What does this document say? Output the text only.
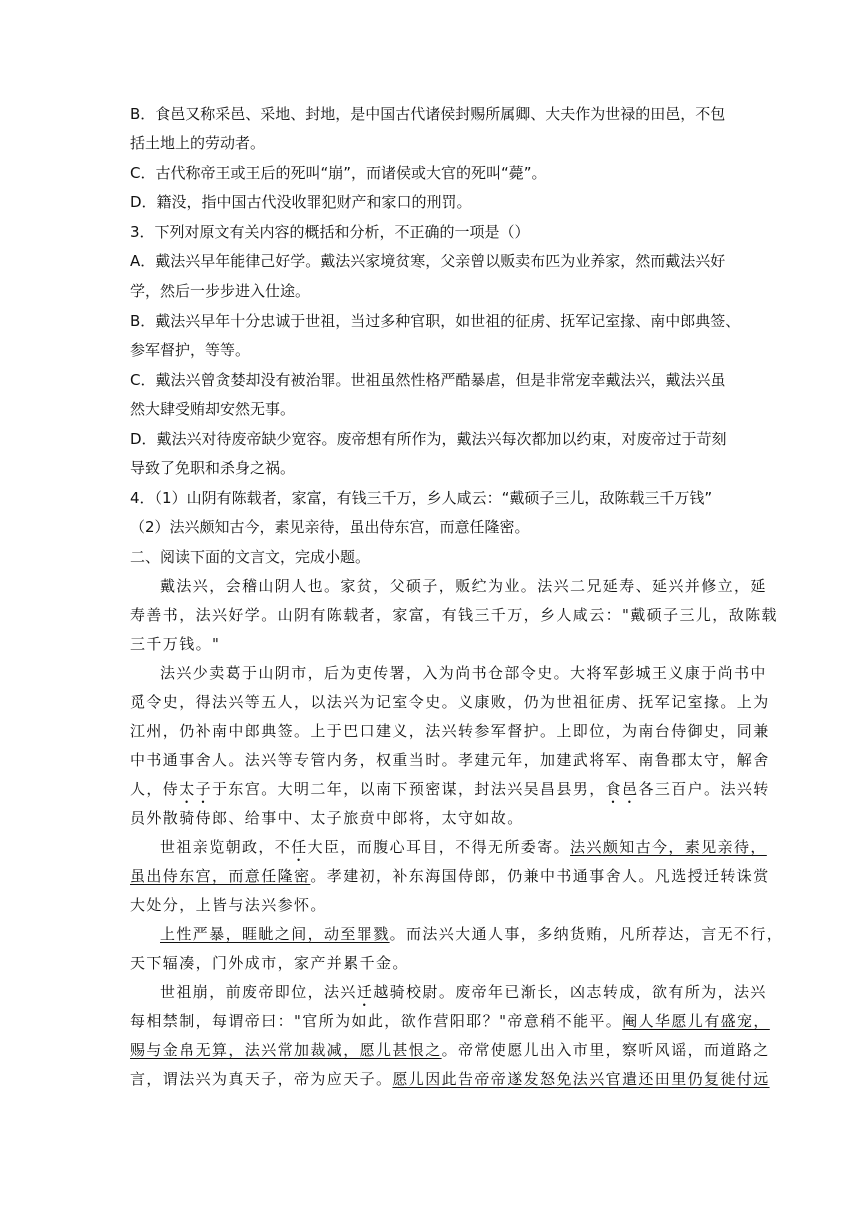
B．食邑又称采邑、采地、封地，是中国古代诸侯封赐所属卿、大夫作为世禄的田邑，不包
括土地上的劳动者。
C．古代称帝王或王后的死叫“崩”，而诸侯或大官的死叫“薨”。
D．籍没，指中国古代没收罪犯财产和家口的刑罚。
3．下列对原文有关内容的概括和分析，不正确的一项是（）
A．戴法兴早年能律己好学。戴法兴家境贫寒，父亲曾以贩卖布匹为业养家，然而戴法兴好
学，然后一步步进入仕途。
B．戴法兴早年十分忠诚于世祖，当过多种官职，如世祖的征虏、抚军记室掾、南中郎典签、
参军督护，等等。
C．戴法兴曾贪婪却没有被治罪。世祖虽然性格严酷暴虐，但是非常宠幸戴法兴，戴法兴虽
然大肆受贿却安然无事。
D．戴法兴对待废帝缺少宽容。废帝想有所作为，戴法兴每次都加以约束，对废帝过于苛刻
导致了免职和杀身之祸。
4．（1）山阴有陈载者，家富，有钱三千万，乡人咸云：“戴硕子三儿，敌陈载三千万钱”
（2）法兴颇知古今，素见亲待，虽出侍东宫，而意任隆密。
二、阅读下面的文言文，完成小题。
戴法兴，会稽山阴人也。家贫，父硕子，贩纻为业。法兴二兄延寿、延兴并修立，延
寿善书，法兴好学。山阴有陈载者，家富，有钱三千万，乡人咸云："戴硕子三儿，敌陈载
三千万钱。"
法兴少卖葛于山阴市，后为吏传署，入为尚书仓部令史。大将军彭城王义康于尚书中
觅令史，得法兴等五人，以法兴为记室令史。义康败，仍为世祖征虏、抚军记室掾。上为
江州，仍补南中郎典签。上于巴口建义，法兴转参军督护。上即位，为南台侍御史，同兼
中书通事舍人。法兴等专管内务，权重当时。孝建元年，加建武将军、南鲁郡太守，解舍
人，侍太子于东宫。大明二年，以南下预密谋，封法兴吴昌县男，食邑各三百户。法兴转
员外散骑侍郎、给事中、太子旅贲中郎将，太守如故。
世祖亲览朝政，不任大臣，而腹心耳目，不得无所委寄。法兴颇知古今，素见亲待，
虽出侍东宫，而意任隆密。孝建初，补东海国侍郎，仍兼中书通事舍人。凡选授迁转诛赏
大处分，上皆与法兴参怀。
上性严暴，睚眦之间，动至罪戮。而法兴大通人事，多纳货贿，凡所荐达，言无不行，
天下辐凑，门外成市，家产并累千金。
世祖崩，前废帝即位，法兴迁越骑校尉。废帝年已渐长，凶志转成，欲有所为，法兴
每相禁制，每谓帝曰："官所为如此，欲作营阳耶？"帝意稍不能平。阉人华愿儿有盛宠，
赐与金帛无算，法兴常加裁减，愿儿甚恨之。帝常使愿儿出入市里，察听风谣，而道路之
言，谓法兴为真天子，帝为应天子。愿儿因此告帝帝遂发怒免法兴官遣还田里仍复徙付远
